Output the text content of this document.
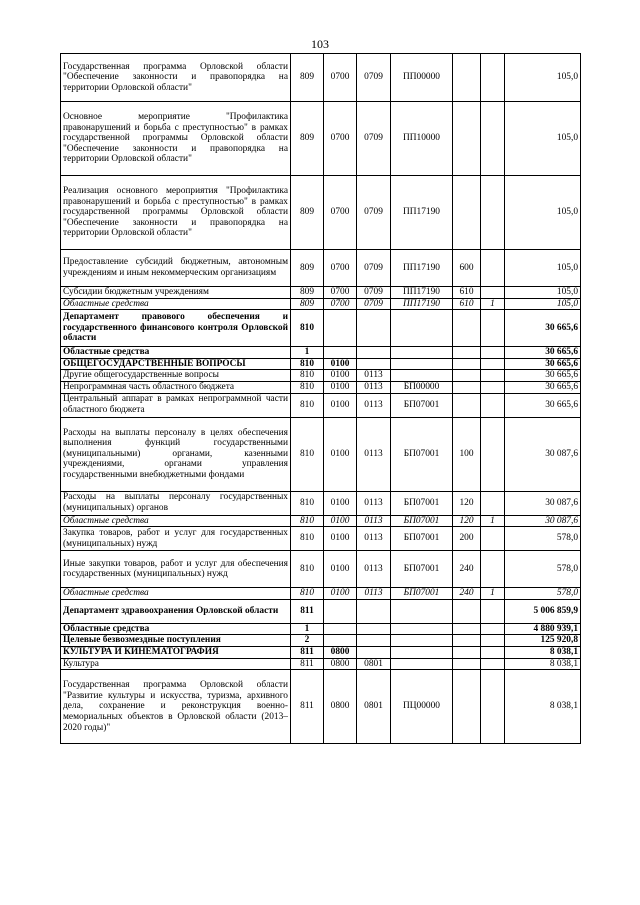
103
Государственная программа Орловской области "Обеспечение законности и правопорядка на территории Орловской области"	809	0700	0709	ПП00000			105,0
Основное мероприятие "Профилактика правонарушений и борьба с преступностью" в рамках государственной программы Орловской области "Обеспечение законности и правопорядка на территории Орловской области"	809	0700	0709	ПП10000			105,0
Реализация основного мероприятия "Профилактика правонарушений и борьба с преступностью" в рамках государственной программы Орловской области "Обеспечение законности и правопорядка на территории Орловской области"	809	0700	0709	ПП17190			105,0
Предоставление субсидий бюджетным, автономным учреждениям и иным некоммерческим организациям	809	0700	0709	ПП17190	600		105,0
Субсидии бюджетным учреждениям	809	0700	0709	ПП17190	610		105,0
Областные средства	809	0700	0709	ПП17190	610	1	105,0
Департамент правового обеспечения и государственного финансового контроля Орловской области	810						30 665,6
Областные средства	1						30 665,6
ОБЩЕГОСУДАРСТВЕННЫЕ ВОПРОСЫ	810	0100					30 665,6
Другие общегосударственные вопросы	810	0100	0113				30 665,6
Непрограммная часть областного бюджета	810	0100	0113	БП00000			30 665,6
Центральный аппарат в рамках непрограммной части областного бюджета	810	0100	0113	БП07001			30 665,6
Расходы на выплаты персоналу в целях обеспечения выполнения функций государственными (муниципальными) органами, казенными учреждениями, органами управления государственными внебюджетными фондами	810	0100	0113	БП07001	100		30 087,6
Расходы на выплаты персоналу государственных (муниципальных) органов	810	0100	0113	БП07001	120		30 087,6
Областные средства	810	0100	0113	БП07001	120	1	30 087,6
Закупка товаров, работ и услуг для государственных (муниципальных) нужд	810	0100	0113	БП07001	200		578,0
Иные закупки товаров, работ и услуг для обеспечения государственных (муниципальных) нужд	810	0100	0113	БП07001	240		578,0
Областные средства	810	0100	0113	БП07001	240	1	578,0
Департамент здравоохранения Орловской области	811						5 006 859,9
Областные средства	1						4 880 939,1
Целевые безвозмездные поступления	2						125 920,8
КУЛЬТУРА И КИНЕМАТОГРАФИЯ	811	0800					8 038,1
Культура	811	0800	0801				8 038,1
Государственная программа Орловской области "Развитие культуры и искусства, туризма, архивного дела, сохранение и реконструкция военно-мемориальных объектов в Орловской области (2013–2020 годы)"	811	0800	0801	ПЦ00000			8 038,1
